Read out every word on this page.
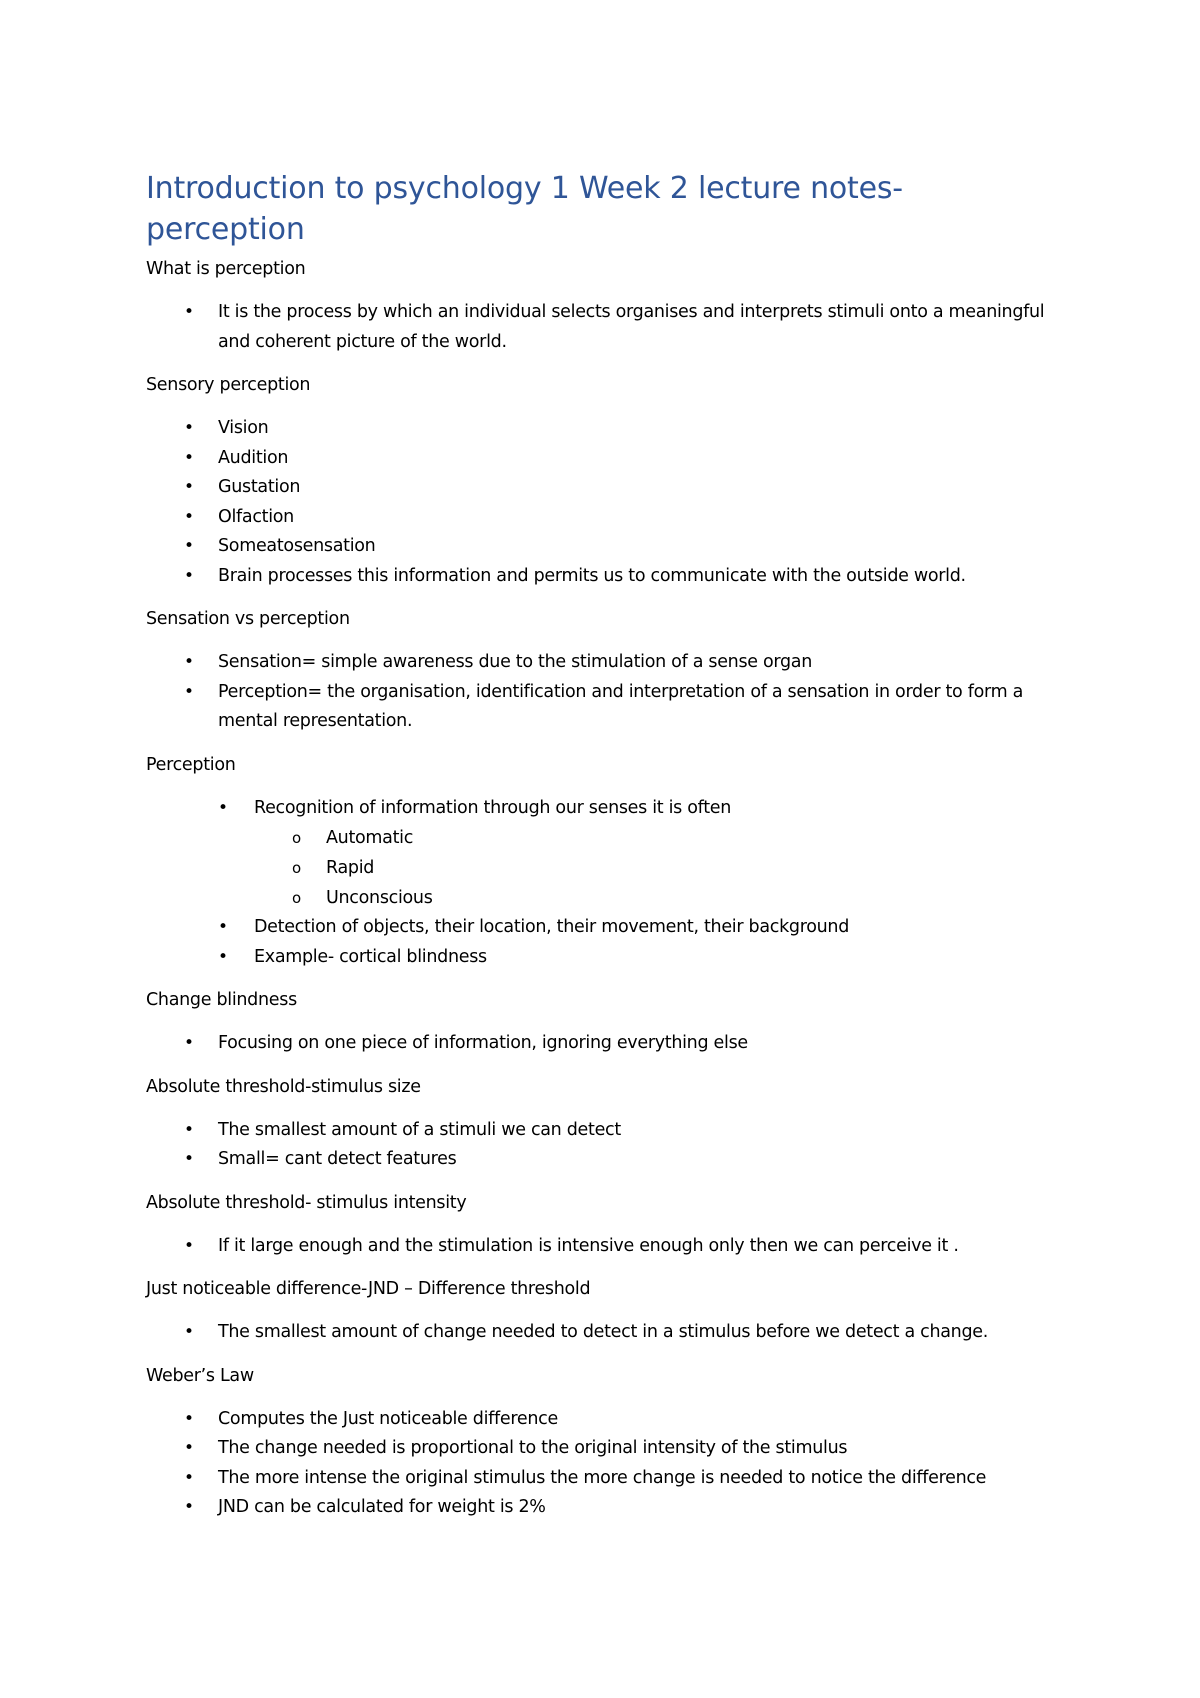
Introduction to psychology 1 Week 2 lecture notes- perception

What is perception

• It is the process by which an individual selects organises and interprets stimuli onto a meaningful and coherent picture of the world.

Sensory perception

• Vision
• Audition
• Gustation
• Olfaction
• Someatosensation
• Brain processes this information and permits us to communicate with the outside world.

Sensation vs perception

• Sensation= simple awareness due to the stimulation of a sense organ
• Perception= the organisation, identification and interpretation of a sensation in order to form a mental representation.

Perception

• Recognition of information through our senses it is often
o Automatic
o Rapid
o Unconscious
• Detection of objects, their location, their movement, their background
• Example- cortical blindness

Change blindness

• Focusing on one piece of information, ignoring everything else

Absolute threshold-stimulus size

• The smallest amount of a stimuli we can detect
• Small= cant detect features

Absolute threshold- stimulus intensity

• If it large enough and the stimulation is intensive enough only then we can perceive it .

Just noticeable difference-JND – Difference threshold

• The smallest amount of change needed to detect in a stimulus before we detect a change.

Weber’s Law

• Computes the Just noticeable difference
• The change needed is proportional to the original intensity of the stimulus
• The more intense the original stimulus the more change is needed to notice the difference
• JND can be calculated for weight is 2%
